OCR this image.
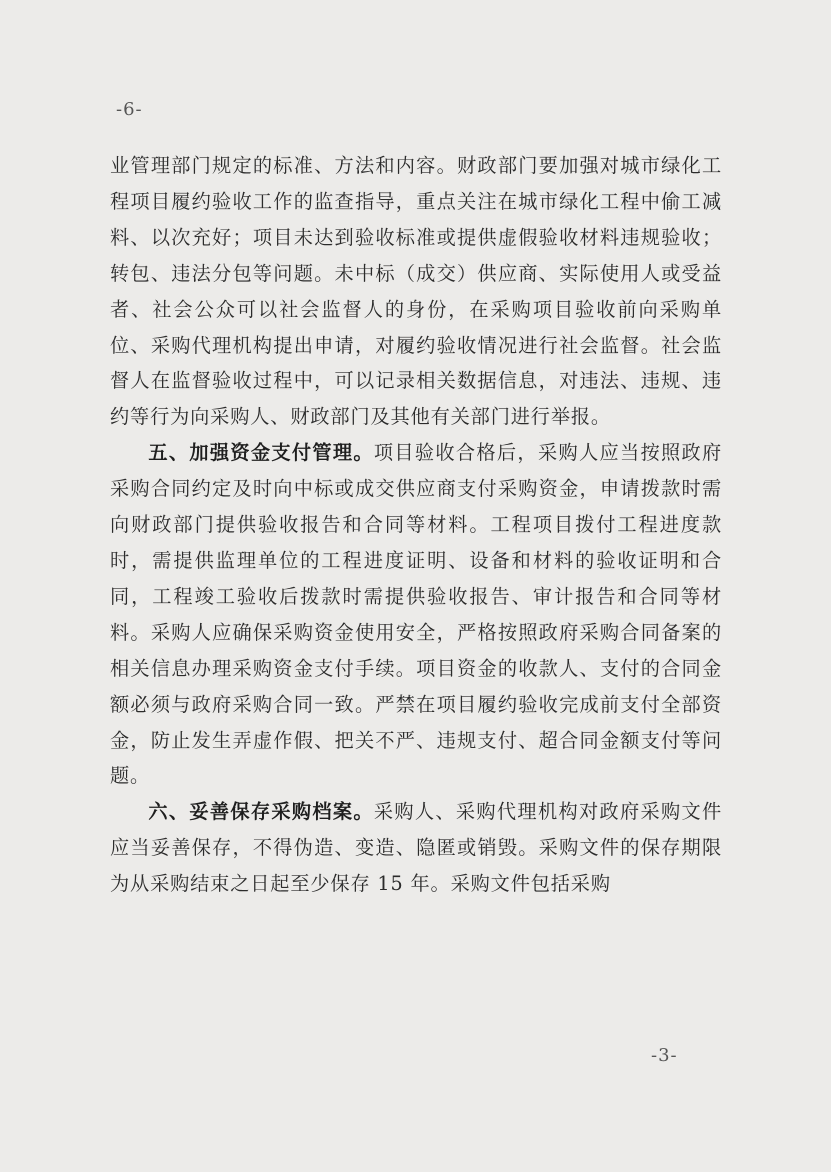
-6-

业管理部门规定的标准、方法和内容。财政部门要加强对城市绿化工程项目履约验收工作的监查指导，重点关注在城市绿化工程中偷工减料、以次充好；项目未达到验收标准或提供虚假验收材料违规验收；转包、违法分包等问题。未中标（成交）供应商、实际使用人或受益者、社会公众可以社会监督人的身份，在采购项目验收前向采购单位、采购代理机构提出申请，对履约验收情况进行社会监督。社会监督人在监督验收过程中，可以记录相关数据信息，对违法、违规、违约等行为向采购人、财政部门及其他有关部门进行举报。

五、加强资金支付管理。项目验收合格后，采购人应当按照政府采购合同约定及时向中标或成交供应商支付采购资金，申请拨款时需向财政部门提供验收报告和合同等材料。工程项目拨付工程进度款时，需提供监理单位的工程进度证明、设备和材料的验收证明和合同，工程竣工验收后拨款时需提供验收报告、审计报告和合同等材料。采购人应确保采购资金使用安全，严格按照政府采购合同备案的相关信息办理采购资金支付手续。项目资金的收款人、支付的合同金额必须与政府采购合同一致。严禁在项目履约验收完成前支付全部资金，防止发生弄虚作假、把关不严、违规支付、超合同金额支付等问题。

六、妥善保存采购档案。采购人、采购代理机构对政府采购文件应当妥善保存，不得伪造、变造、隐匿或销毁。采购文件的保存期限为从采购结束之日起至少保存 15 年。采购文件包括采购

-3-
